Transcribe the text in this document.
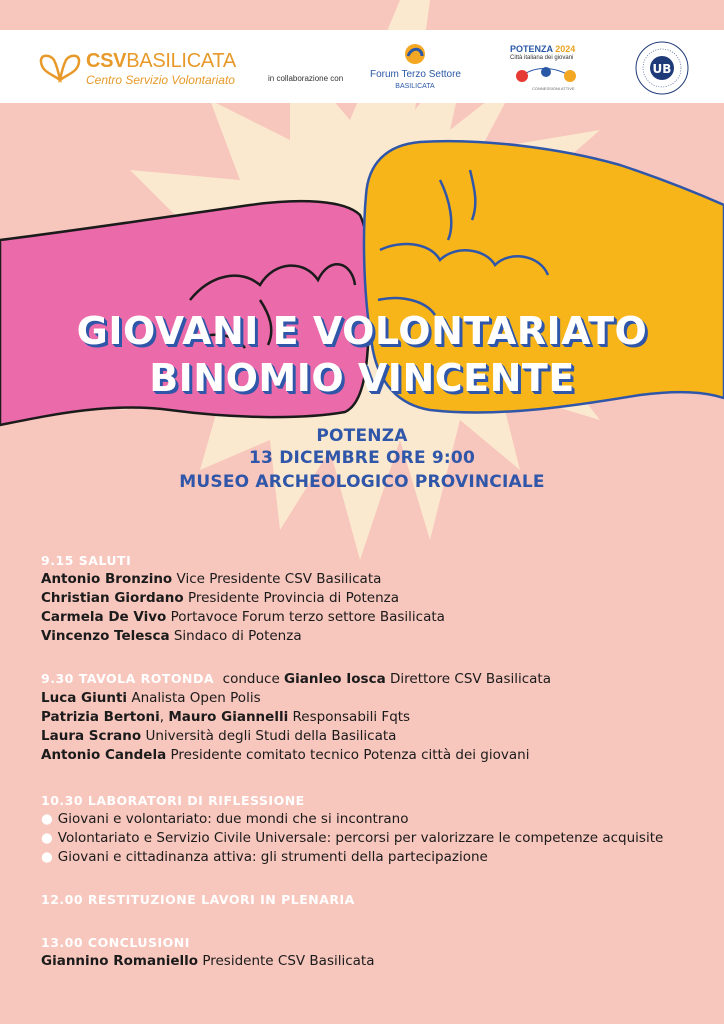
CSVBASILICATA
Centro Servizio Volontariato	in collaborazione con	Forum Terzo Settore
BASILICATA
POTENZA 2024
Città italiana dei giovani
CONNESSIONI ATTIVE
UB
GIOVANI E VOLONTARIATO
BINOMIO VINCENTE
POTENZA
13 DICEMBRE ORE 9:00
MUSEO ARCHEOLOGICO PROVINCIALE
9.15 SALUTI
Antonio Bronzino Vice Presidente CSV Basilicata
Christian Giordano Presidente Provincia di Potenza
Carmela De Vivo Portavoce Forum terzo settore Basilicata
Vincenzo Telesca Sindaco di Potenza
9.30 TAVOLA ROTONDA conduce Gianleo Iosca Direttore CSV Basilicata
Luca Giunti Analista Open Polis
Patrizia Bertoni, Mauro Giannelli Responsabili Fqts
Laura Scrano Università degli Studi della Basilicata
Antonio Candela Presidente comitato tecnico Potenza città dei giovani
10.30 LABORATORI DI RIFLESSIONE
● Giovani e volontariato: due mondi che si incontrano
● Volontariato e Servizio Civile Universale: percorsi per valorizzare le competenze acquisite
● Giovani e cittadinanza attiva: gli strumenti della partecipazione
12.00 RESTITUZIONE LAVORI IN PLENARIA
13.00 CONCLUSIONI
Giannino Romaniello Presidente CSV Basilicata
